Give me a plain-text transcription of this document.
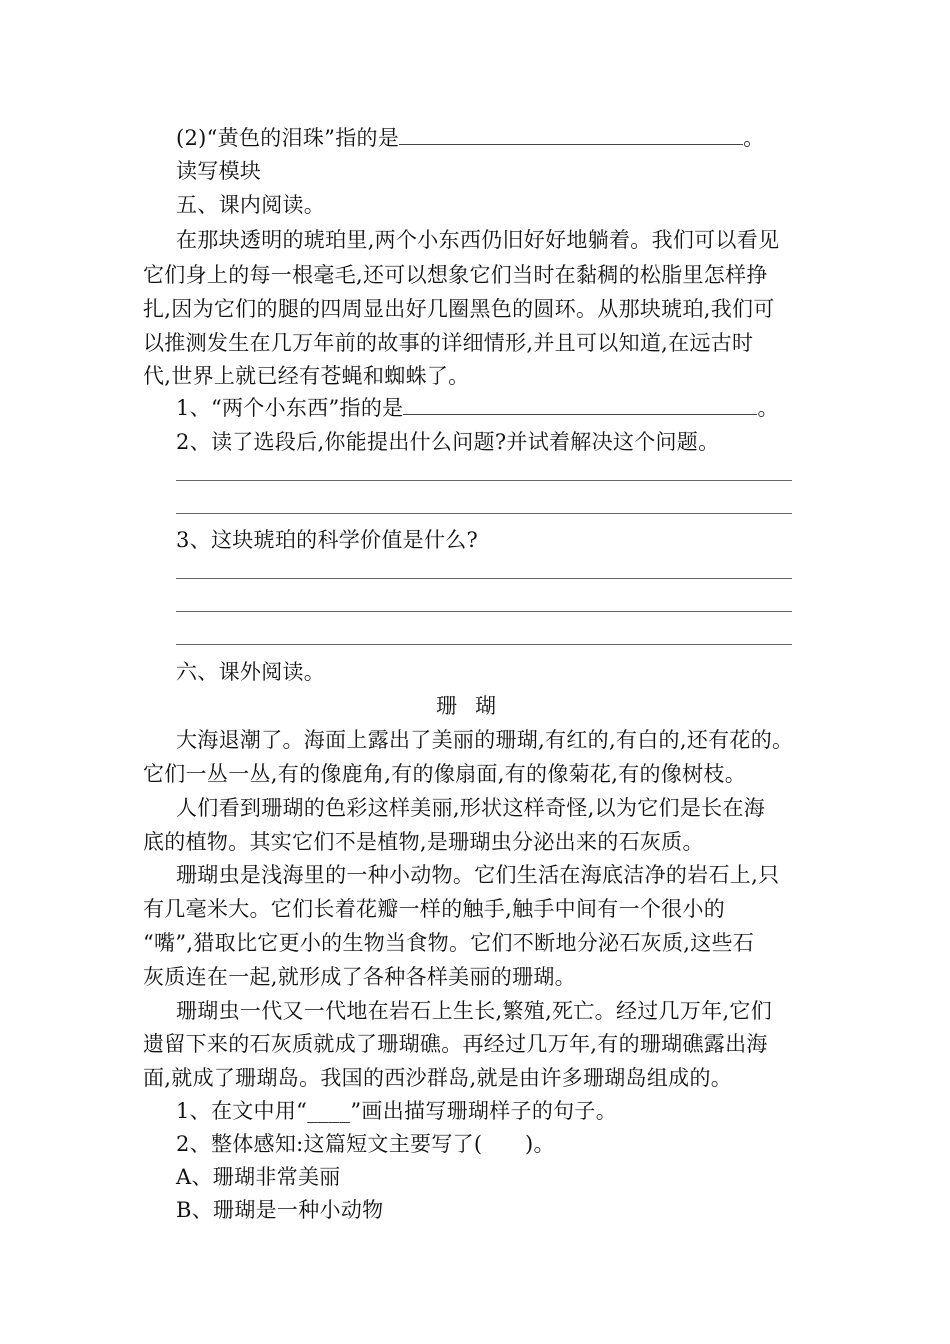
(2)“黄色的泪珠”指的是	。
读写模块
五、课内阅读。
在那块透明的琥珀里,两个小东西仍旧好好地躺着。我们可以看见
它们身上的每一根毫毛,还可以想象它们当时在黏稠的松脂里怎样挣
扎,因为它们的腿的四周显出好几圈黑色的圆环。从那块琥珀,我们可
以推测发生在几万年前的故事的详细情形,并且可以知道,在远古时
代,世界上就已经有苍蝇和蜘蛛了。
1、“两个小东西”指的是	。
2、读了选段后,你能提出什么问题?并试着解决这个问题。
3、这块琥珀的科学价值是什么?
六、课外阅读。
珊瑚
大海退潮了。海面上露出了美丽的珊瑚,有红的,有白的,还有花的。
它们一丛一丛,有的像鹿角,有的像扇面,有的像菊花,有的像树枝。
人们看到珊瑚的色彩这样美丽,形状这样奇怪,以为它们是长在海
底的植物。其实它们不是植物,是珊瑚虫分泌出来的石灰质。
珊瑚虫是浅海里的一种小动物。它们生活在海底洁净的岩石上,只
有几毫米大。它们长着花瓣一样的触手,触手中间有一个很小的
“嘴”,猎取比它更小的生物当食物。它们不断地分泌石灰质,这些石
灰质连在一起,就形成了各种各样美丽的珊瑚。
珊瑚虫一代又一代地在岩石上生长,繁殖,死亡。经过几万年,它们
遗留下来的石灰质就成了珊瑚礁。再经过几万年,有的珊瑚礁露出海
面,就成了珊瑚岛。我国的西沙群岛,就是由许多珊瑚岛组成的。
1、在文中用“____”画出描写珊瑚样子的句子。
2、整体感知:这篇短文主要写了(　　)。
A、珊瑚非常美丽
B、珊瑚是一种小动物
